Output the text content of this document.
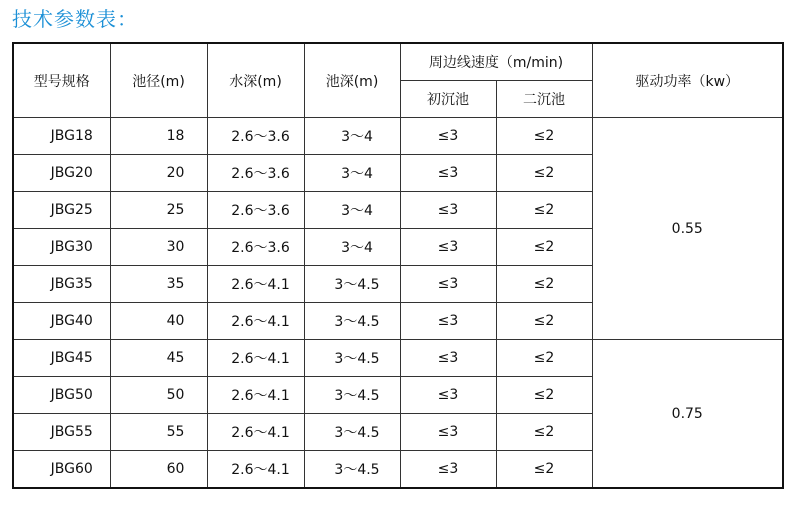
技术参数表：
型号规格	池径(m)	水深(m)	池深(m)	周边线速度（m/min)		驱动功率（kw）
				初沉池	二沉池	
JBG18	18	2.6～3.6	3～4	≤3	≤2	0.55
JBG20	20	2.6～3.6	3～4	≤3	≤2	
JBG25	25	2.6～3.6	3～4	≤3	≤2	
JBG30	30	2.6～3.6	3～4	≤3	≤2	
JBG35	35	2.6～4.1	3～4.5	≤3	≤2	
JBG40	40	2.6～4.1	3～4.5	≤3	≤2	
JBG45	45	2.6～4.1	3～4.5	≤3	≤2	0.75
JBG50	50	2.6～4.1	3～4.5	≤3	≤2	
JBG55	55	2.6～4.1	3～4.5	≤3	≤2	
JBG60	60	2.6～4.1	3～4.5	≤3	≤2	
